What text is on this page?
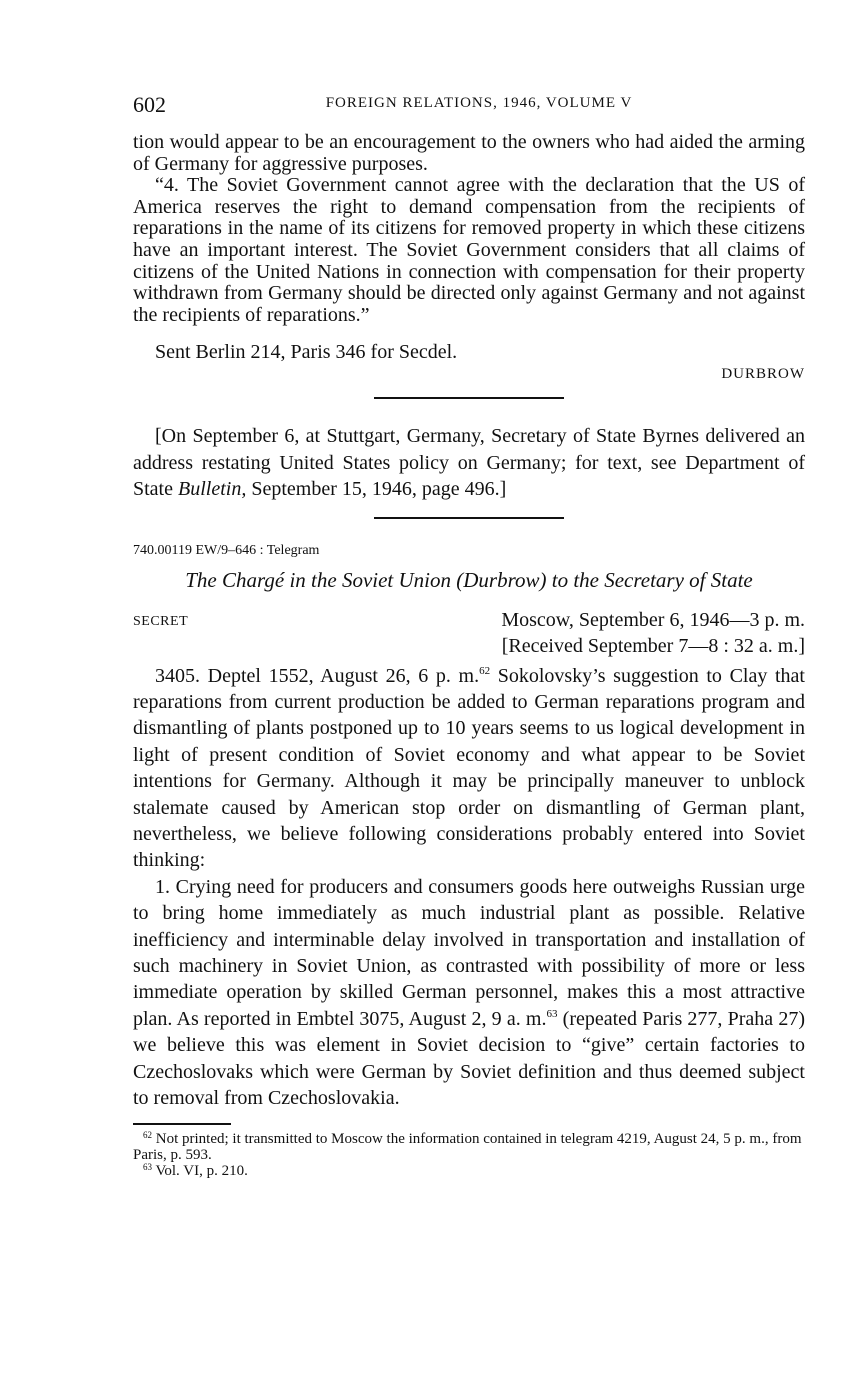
602	FOREIGN RELATIONS, 1946, VOLUME V

tion would appear to be an encouragement to the owners who had aided the arming of Germany for aggressive purposes.

“4. The Soviet Government cannot agree with the declaration that the US of America reserves the right to demand compensation from the recipients of reparations in the name of its citizens for removed property in which these citizens have an important interest. The Soviet Government considers that all claims of citizens of the United Nations in connection with compensation for their property withdrawn from Germany should be directed only against Germany and not against the recipients of reparations.”

Sent Berlin 214, Paris 346 for Secdel.
DURBROW

[On September 6, at Stuttgart, Germany, Secretary of State Byrnes delivered an address restating United States policy on Germany; for text, see Department of State Bulletin, September 15, 1946, page 496.]

740.00119 EW/9–646 : Telegram
The Chargé in the Soviet Union (Durbrow) to the Secretary of State
SECRET	Moscow, September 6, 1946—3 p. m.
[Received September 7—8 : 32 a. m.]

3405. Deptel 1552, August 26, 6 p. m.$^{62}$ Sokolovsky’s suggestion to Clay that reparations from current production be added to German reparations program and dismantling of plants postponed up to 10 years seems to us logical development in light of present condition of Soviet economy and what appear to be Soviet intentions for Germany. Although it may be principally maneuver to unblock stalemate caused by American stop order on dismantling of German plant, nevertheless, we believe following considerations probably entered into Soviet thinking:

1. Crying need for producers and consumers goods here outweighs Russian urge to bring home immediately as much industrial plant as possible. Relative inefficiency and interminable delay involved in transportation and installation of such machinery in Soviet Union, as contrasted with possibility of more or less immediate operation by skilled German personnel, makes this a most attractive plan. As reported in Embtel 3075, August 2, 9 a. m.$^{63}$ (repeated Paris 277, Praha 27) we believe this was element in Soviet decision to “give” certain factories to Czechoslovaks which were German by Soviet definition and thus deemed subject to removal from Czechoslovakia.

$^{62}$ Not printed; it transmitted to Moscow the information contained in telegram 4219, August 24, 5 p. m., from Paris, p. 593.

$^{63}$ Vol. VI, p. 210.
